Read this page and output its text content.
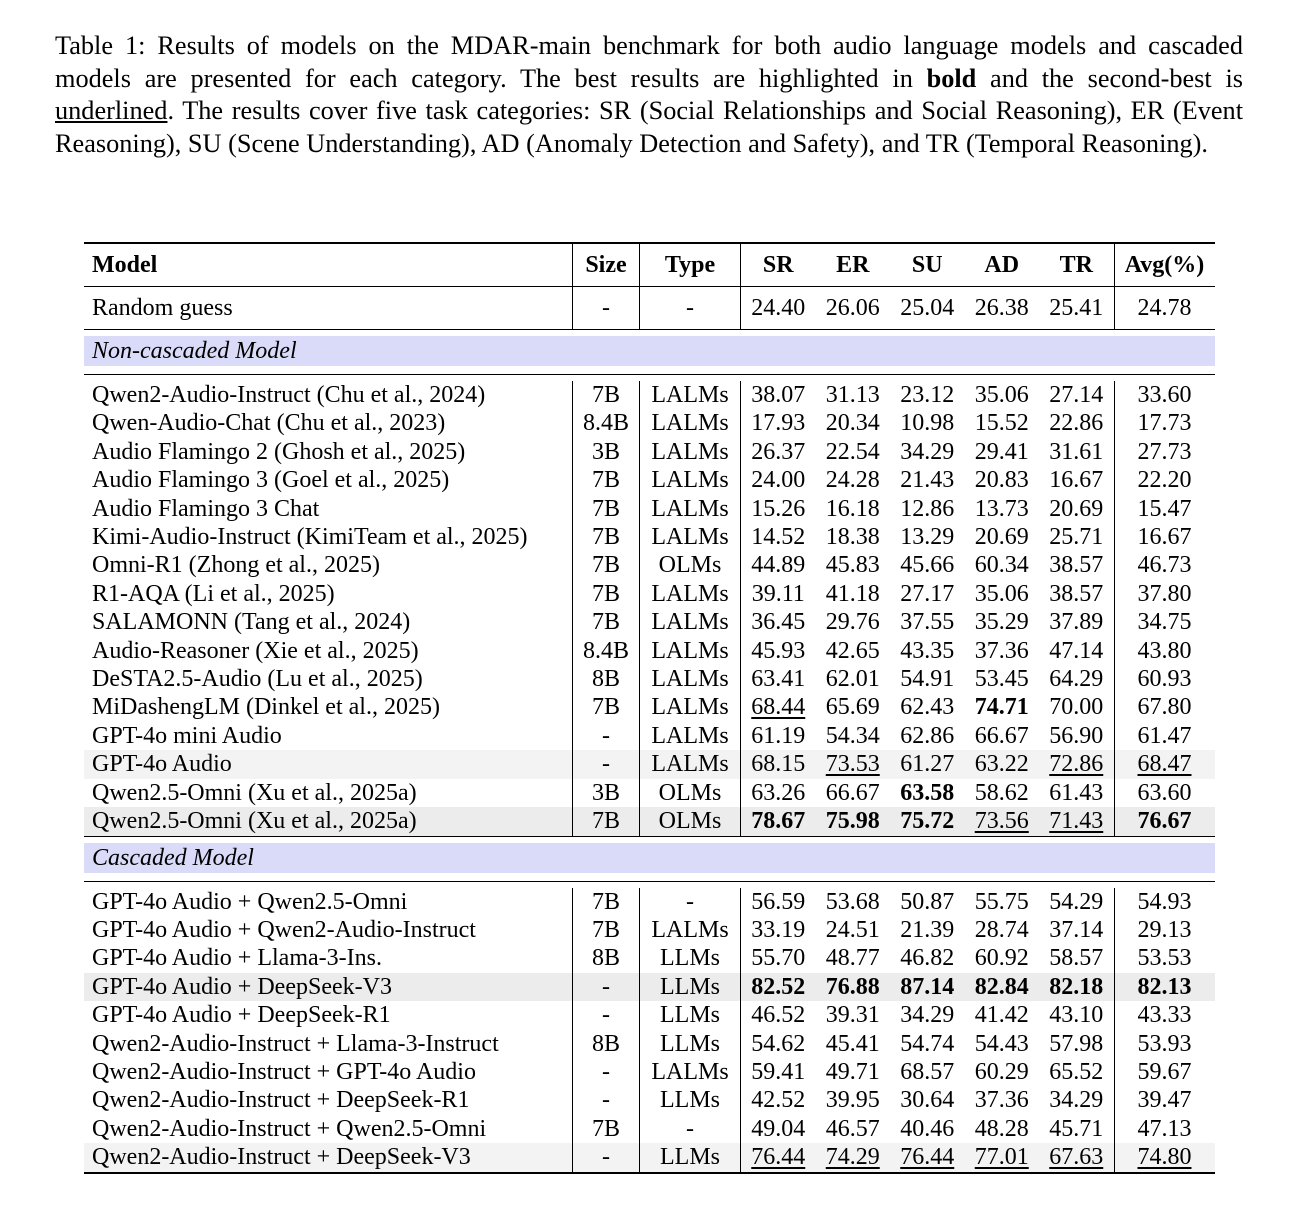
Table 1: Results of models on the MDAR-main benchmark for both audio language models and cascaded models are presented for each category. The best results are highlighted in bold and the second-best is underlined. The results cover five task categories: SR (Social Relationships and Social Reasoning), ER (Event Reasoning), SU (Scene Understanding), AD (Anomaly Detection and Safety), and TR (Temporal Reasoning).
Model	Size	Type	SR	ER	SU	AD	TR	Avg(%)
Random guess	-	-	24.40	26.06	25.04	26.38	25.41	24.78

Non-cascaded Model								

Qwen2-Audio-Instruct (Chu et al., 2024)	7B	LALMs	38.07	31.13	23.12	35.06	27.14	33.60
Qwen-Audio-Chat (Chu et al., 2023)	8.4B	LALMs	17.93	20.34	10.98	15.52	22.86	17.73
Audio Flamingo 2 (Ghosh et al., 2025)	3B	LALMs	26.37	22.54	34.29	29.41	31.61	27.73
Audio Flamingo 3 (Goel et al., 2025)	7B	LALMs	24.00	24.28	21.43	20.83	16.67	22.20
Audio Flamingo 3 Chat	7B	LALMs	15.26	16.18	12.86	13.73	20.69	15.47
Kimi-Audio-Instruct (KimiTeam et al., 2025)	7B	LALMs	14.52	18.38	13.29	20.69	25.71	16.67
Omni-R1 (Zhong et al., 2025)	7B	OLMs	44.89	45.83	45.66	60.34	38.57	46.73
R1-AQA (Li et al., 2025)	7B	LALMs	39.11	41.18	27.17	35.06	38.57	37.80
SALAMONN (Tang et al., 2024)	7B	LALMs	36.45	29.76	37.55	35.29	37.89	34.75
Audio-Reasoner (Xie et al., 2025)	8.4B	LALMs	45.93	42.65	43.35	37.36	47.14	43.80
DeSTA2.5-Audio (Lu et al., 2025)	8B	LALMs	63.41	62.01	54.91	53.45	64.29	60.93
MiDashengLM (Dinkel et al., 2025)	7B	LALMs	68.44	65.69	62.43	74.71	70.00	67.80
GPT-4o mini Audio	-	LALMs	61.19	54.34	62.86	66.67	56.90	61.47
GPT-4o Audio	-	LALMs	68.15	73.53	61.27	63.22	72.86	68.47
Qwen2.5-Omni (Xu et al., 2025a)	3B	OLMs	63.26	66.67	63.58	58.62	61.43	63.60
Qwen2.5-Omni (Xu et al., 2025a)	7B	OLMs	78.67	75.98	75.72	73.56	71.43	76.67

Cascaded Model								

GPT-4o Audio + Qwen2.5-Omni	7B	-	56.59	53.68	50.87	55.75	54.29	54.93
GPT-4o Audio + Qwen2-Audio-Instruct	7B	LALMs	33.19	24.51	21.39	28.74	37.14	29.13
GPT-4o Audio + Llama-3-Ins.	8B	LLMs	55.70	48.77	46.82	60.92	58.57	53.53
GPT-4o Audio + DeepSeek-V3	-	LLMs	82.52	76.88	87.14	82.84	82.18	82.13
GPT-4o Audio + DeepSeek-R1	-	LLMs	46.52	39.31	34.29	41.42	43.10	43.33
Qwen2-Audio-Instruct + Llama-3-Instruct	8B	LLMs	54.62	45.41	54.74	54.43	57.98	53.93
Qwen2-Audio-Instruct + GPT-4o Audio	-	LALMs	59.41	49.71	68.57	60.29	65.52	59.67
Qwen2-Audio-Instruct + DeepSeek-R1	-	LLMs	42.52	39.95	30.64	37.36	34.29	39.47
Qwen2-Audio-Instruct + Qwen2.5-Omni	7B	-	49.04	46.57	40.46	48.28	45.71	47.13
Qwen2-Audio-Instruct + DeepSeek-V3	-	LLMs	76.44	74.29	76.44	77.01	67.63	74.80
